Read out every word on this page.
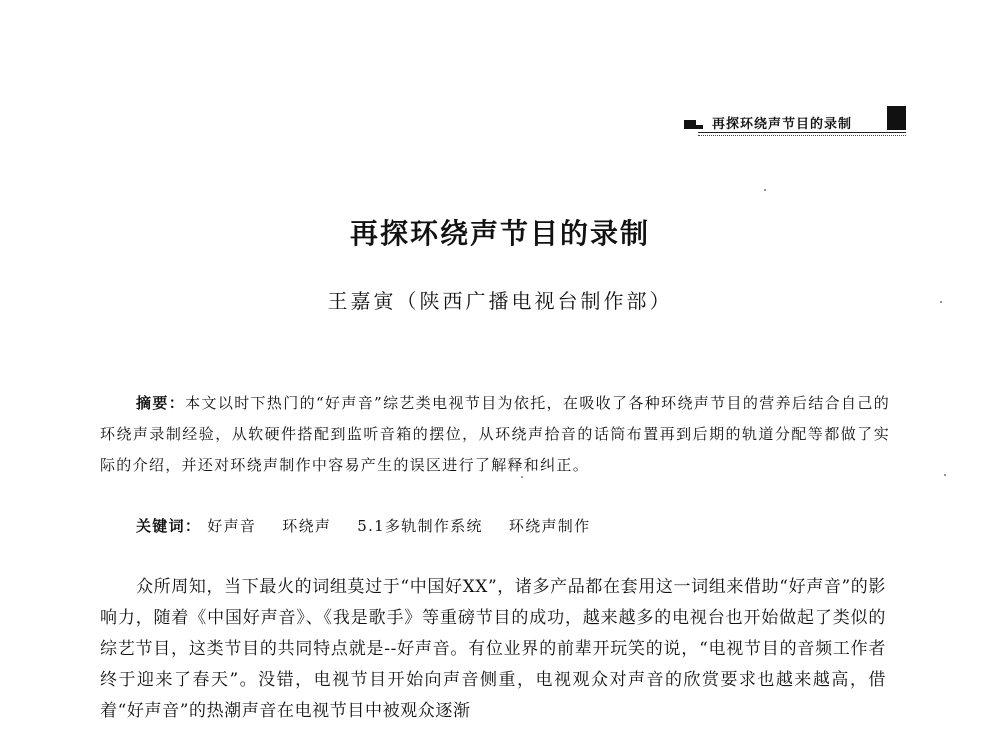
再探环绕声节目的录制
再探环绕声节目的录制
王嘉寅（陕西广播电视台制作部）
摘要：本文以时下热门的“好声音”综艺类电视节目为依托，在吸收了各种环绕声节目的营养后结合自己的环绕声录制经验，从软硬件搭配到监听音箱的摆位，从环绕声拾音的话筒布置再到后期的轨道分配等都做了实际的介绍，并还对环绕声制作中容易产生的误区进行了解释和纠正。
关键词： 好声音 环绕声 5.1多轨制作系统 环绕声制作
众所周知，当下最火的词组莫过于“中国好XX”，诸多产品都在套用这一词组来借助“好声音”的影响力，随着《中国好声音》、《我是歌手》等重磅节目的成功，越来越多的电视台也开始做起了类似的综艺节目，这类节目的共同特点就是--好声音。有位业界的前辈开玩笑的说，“电视节目的音频工作者终于迎来了春天”。没错，电视节目开始向声音侧重，电视观众对声音的欣赏要求也越来越高，借着“好声音”的热潮声音在电视节目中被观众逐渐
